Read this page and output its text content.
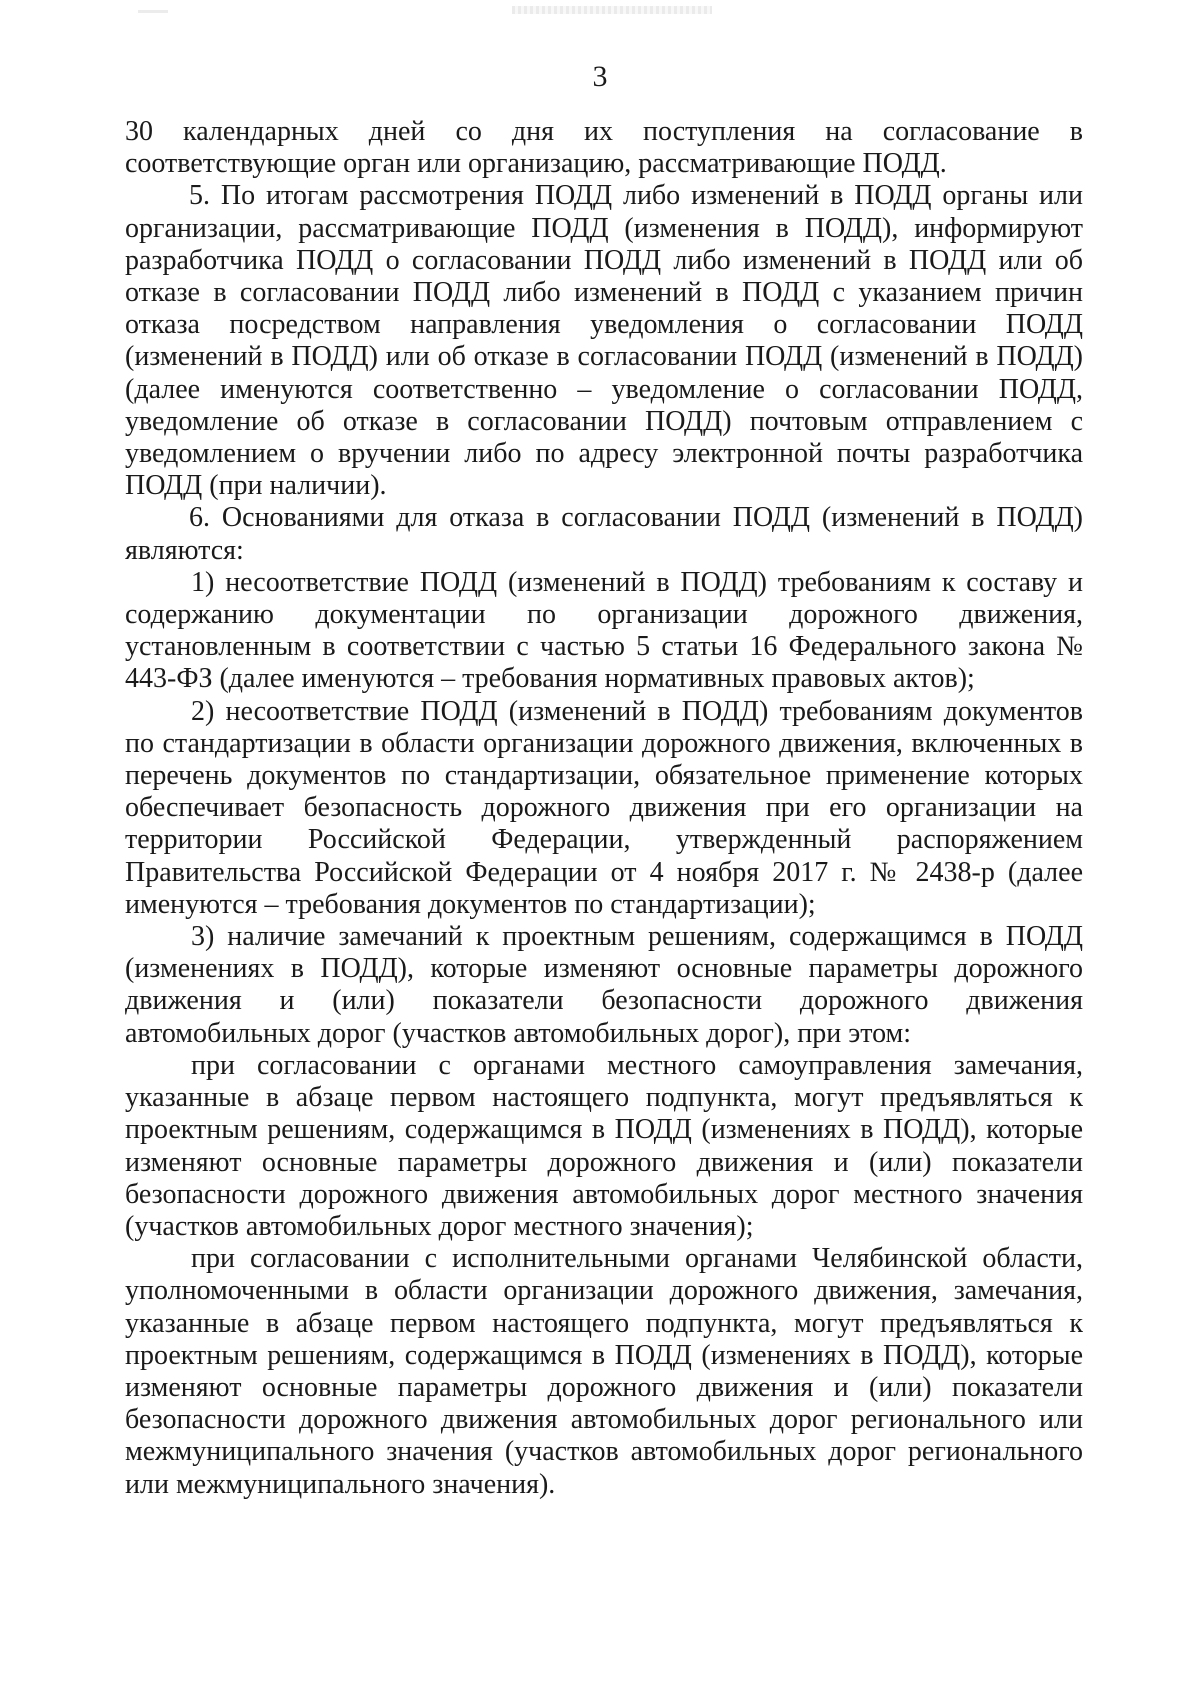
3

30 календарных дней со дня их поступления на согласование в соответствующие орган или организацию, рассматривающие ПОДД.

5. По итогам рассмотрения ПОДД либо изменений в ПОДД органы или организации, рассматривающие ПОДД (изменения в ПОДД), информируют разработчика ПОДД о согласовании ПОДД либо изменений в ПОДД или об отказе в согласовании ПОДД либо изменений в ПОДД с указанием причин отказа посредством направления уведомления о согласовании ПОДД (изменений в ПОДД) или об отказе в согласовании ПОДД (изменений в ПОДД) (далее именуются соответственно – уведомление о согласовании ПОДД, уведомление об отказе в согласовании ПОДД) почтовым отправлением с уведомлением о вручении либо по адресу электронной почты разработчика ПОДД (при наличии).

6. Основаниями для отказа в согласовании ПОДД (изменений в ПОДД) являются:

1) несоответствие ПОДД (изменений в ПОДД) требованиям к составу и содержанию документации по организации дорожного движения, установленным в соответствии с частью 5 статьи 16 Федерального закона № 443-ФЗ (далее именуются – требования нормативных правовых актов);

2) несоответствие ПОДД (изменений в ПОДД) требованиям документов по стандартизации в области организации дорожного движения, включенных в перечень документов по стандартизации, обязательное применение которых обеспечивает безопасность дорожного движения при его организации на территории Российской Федерации, утвержденный распоряжением Правительства Российской Федерации от 4 ноября 2017 г. № 2438-р (далее именуются – требования документов по стандартизации);

3) наличие замечаний к проектным решениям, содержащимся в ПОДД (изменениях в ПОДД), которые изменяют основные параметры дорожного движения и (или) показатели безопасности дорожного движения автомобильных дорог (участков автомобильных дорог), при этом:

при согласовании с органами местного самоуправления замечания, указанные в абзаце первом настоящего подпункта, могут предъявляться к проектным решениям, содержащимся в ПОДД (изменениях в ПОДД), которые изменяют основные параметры дорожного движения и (или) показатели безопасности дорожного движения автомобильных дорог местного значения (участков автомобильных дорог местного значения);

при согласовании с исполнительными органами Челябинской области, уполномоченными в области организации дорожного движения, замечания, указанные в абзаце первом настоящего подпункта, могут предъявляться к проектным решениям, содержащимся в ПОДД (изменениях в ПОДД), которые изменяют основные параметры дорожного движения и (или) показатели безопасности дорожного движения автомобильных дорог регионального или межмуниципального значения (участков автомобильных дорог регионального или межмуниципального значения).
